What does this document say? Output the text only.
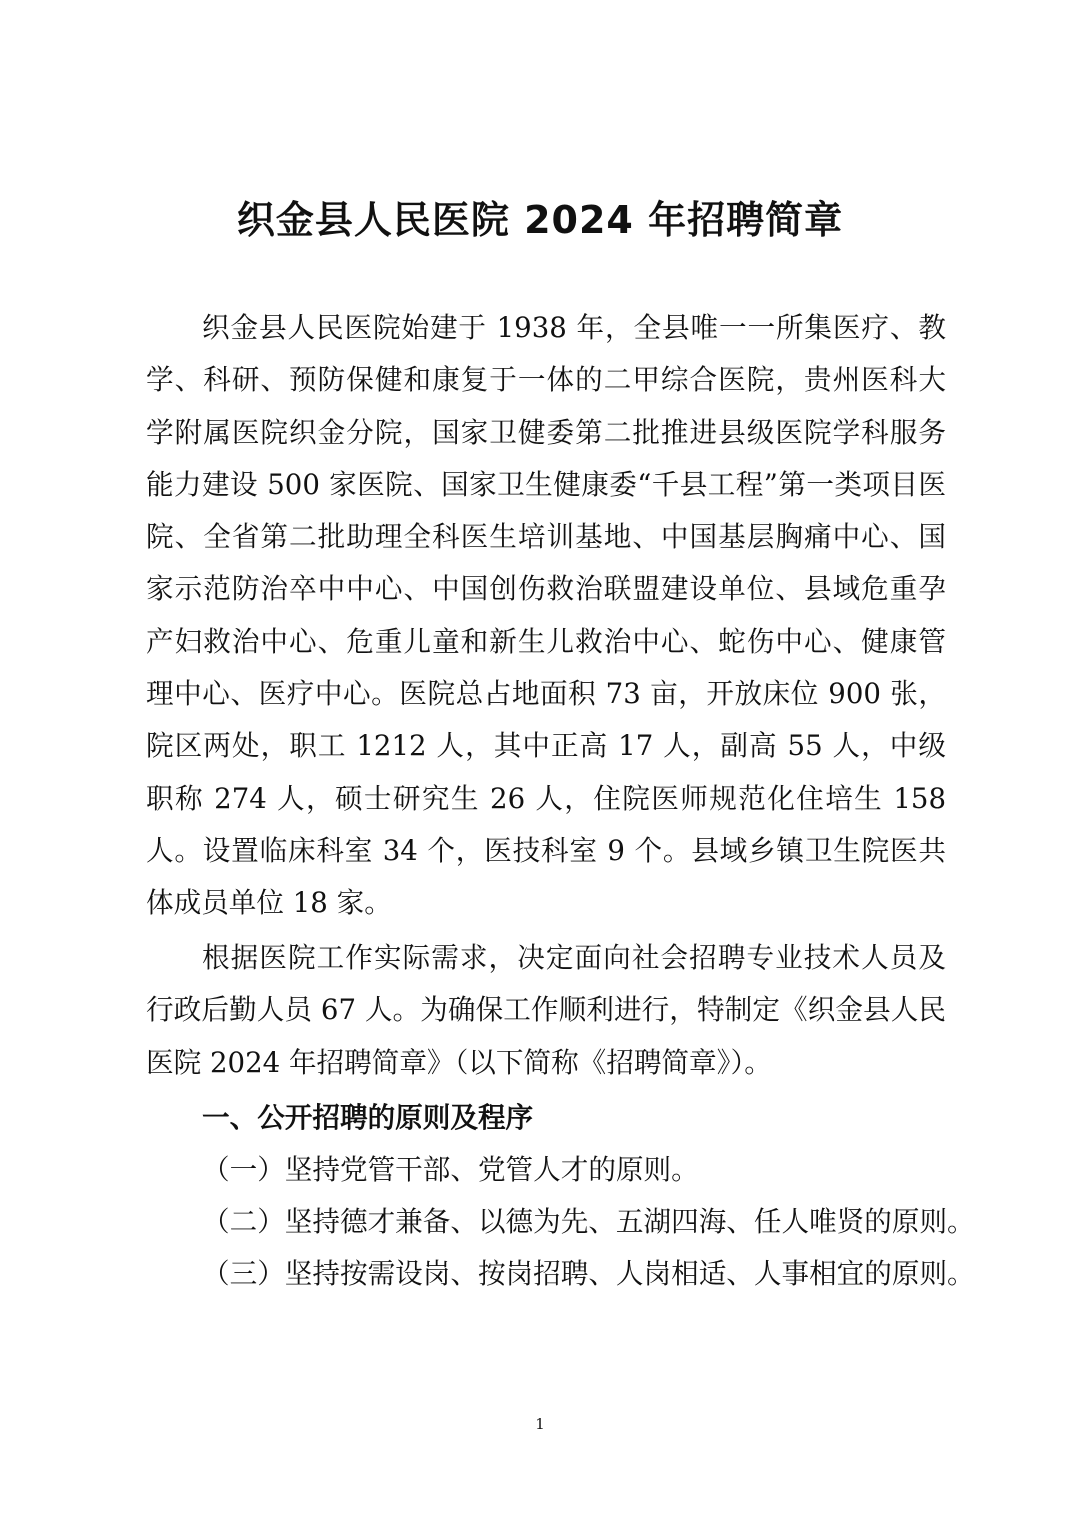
织金县人民医院 2024 年招聘简章

织金县人民医院始建于 1938 年，全县唯一一所集医疗、教学、科研、预防保健和康复于一体的二甲综合医院，贵州医科大学附属医院织金分院，国家卫健委第二批推进县级医院学科服务能力建设 500 家医院、国家卫生健康委“千县工程”第一类项目医院、全省第二批助理全科医生培训基地、中国基层胸痛中心、国家示范防治卒中中心、中国创伤救治联盟建设单位、县域危重孕产妇救治中心、危重儿童和新生儿救治中心、蛇伤中心、健康管理中心、医疗中心。医院总占地面积 73 亩，开放床位 900 张，院区两处，职工 1212 人，其中正高 17 人，副高 55 人，中级职称 274 人，硕士研究生 26 人，住院医师规范化住培生 158 人。设置临床科室 34 个，医技科室 9 个。县域乡镇卫生院医共体成员单位 18 家。

根据医院工作实际需求，决定面向社会招聘专业技术人员及行政后勤人员 67 人。为确保工作顺利进行，特制定《织金县人民医院 2024 年招聘简章》（以下简称《招聘简章》）。

一、公开招聘的原则及程序

（一）坚持党管干部、党管人才的原则。

（二）坚持德才兼备、以德为先、五湖四海、任人唯贤的原则。

（三）坚持按需设岗、按岗招聘、人岗相适、人事相宜的原则。

1
